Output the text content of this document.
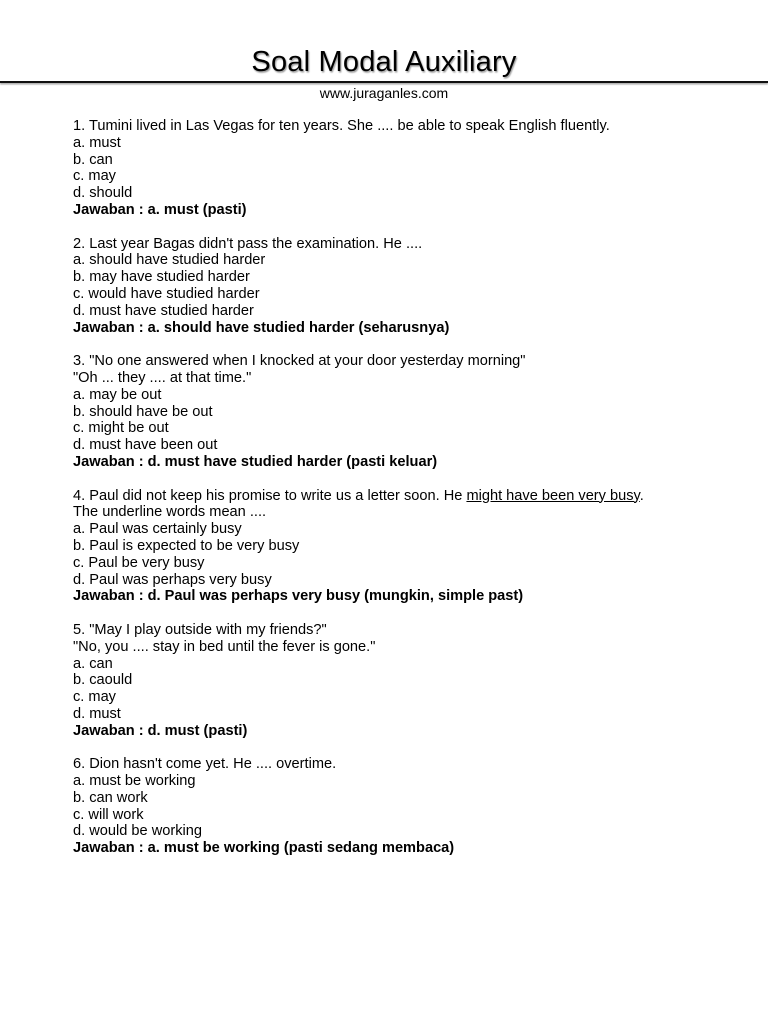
Soal Modal Auxiliary
www.juraganles.com
1. Tumini lived in Las Vegas for ten years. She .... be able to speak English fluently.
a. must
b. can
c. may
d. should
Jawaban : a. must (pasti)
2. Last year Bagas didn't pass the examination. He ....
a. should have studied harder
b. may have studied harder
c. would have studied harder
d. must have studied harder
Jawaban : a. should have studied harder (seharusnya)
3. "No one answered when I knocked at your door yesterday morning"
"Oh ... they .... at that time."
a. may be out
b. should have be out
c. might be out
d. must have been out
Jawaban : d. must have studied harder (pasti keluar)
4. Paul did not keep his promise to write us a letter soon. He might have been very busy.
The underline words mean ....
a. Paul was certainly busy
b. Paul is expected to be very busy
c. Paul be very busy
d. Paul was perhaps very busy
Jawaban : d. Paul was perhaps very busy (mungkin, simple past)
5. "May I play outside with my friends?"
"No, you .... stay in bed until the fever is gone."
a. can
b. caould
c. may
d. must
Jawaban : d. must (pasti)
6. Dion hasn't come yet. He .... overtime.
a. must be working
b. can work
c. will work
d. would be working
Jawaban : a. must be working (pasti sedang membaca)
